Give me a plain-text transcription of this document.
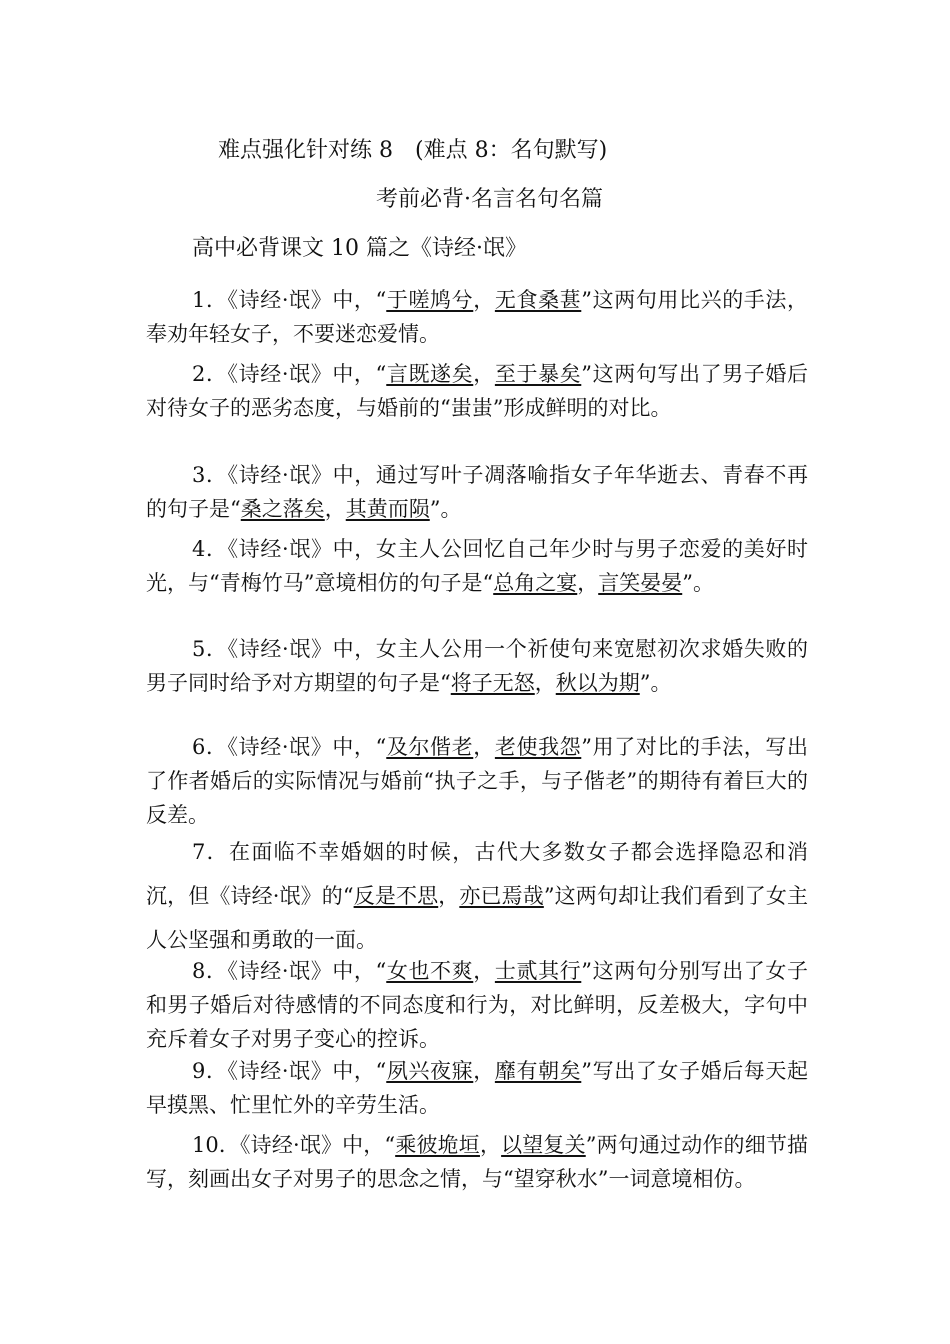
难点强化针对练 8　(难点 8：名句默写)
考前必背·名言名句名篇
高中必背课文 10 篇之《诗经·氓》

1．《诗经·氓》中，“于嗟鸠兮，无食桑葚”这两句用比兴的手法，奉劝年轻女子，不要迷恋爱情。

2．《诗经·氓》中，“言既遂矣，至于暴矣”这两句写出了男子婚后对待女子的恶劣态度，与婚前的“蚩蚩”形成鲜明的对比。

3．《诗经·氓》中，通过写叶子凋落喻指女子年华逝去、青春不再的句子是“桑之落矣，其黄而陨”。

4．《诗经·氓》中，女主人公回忆自己年少时与男子恋爱的美好时光，与“青梅竹马”意境相仿的句子是“总角之宴，言笑晏晏”。

5．《诗经·氓》中，女主人公用一个祈使句来宽慰初次求婚失败的男子同时给予对方期望的句子是“将子无怒，秋以为期”。

6．《诗经·氓》中，“及尔偕老，老使我怨”用了对比的手法，写出了作者婚后的实际情况与婚前“执子之手，与子偕老”的期待有着巨大的反差。

7．在面临不幸婚姻的时候，古代大多数女子都会选择隐忍和消沉，但《诗经·氓》的“反是不思，亦已焉哉”这两句却让我们看到了女主人公坚强和勇敢的一面。

8．《诗经·氓》中，“女也不爽，士贰其行”这两句分别写出了女子和男子婚后对待感情的不同态度和行为，对比鲜明，反差极大，字句中充斥着女子对男子变心的控诉。

9．《诗经·氓》中，“夙兴夜寐，靡有朝矣”写出了女子婚后每天起早摸黑、忙里忙外的辛劳生活。

10．《诗经·氓》中，“乘彼垝垣，以望复关”两句通过动作的细节描写，刻画出女子对男子的思念之情，与“望穿秋水”一词意境相仿。
